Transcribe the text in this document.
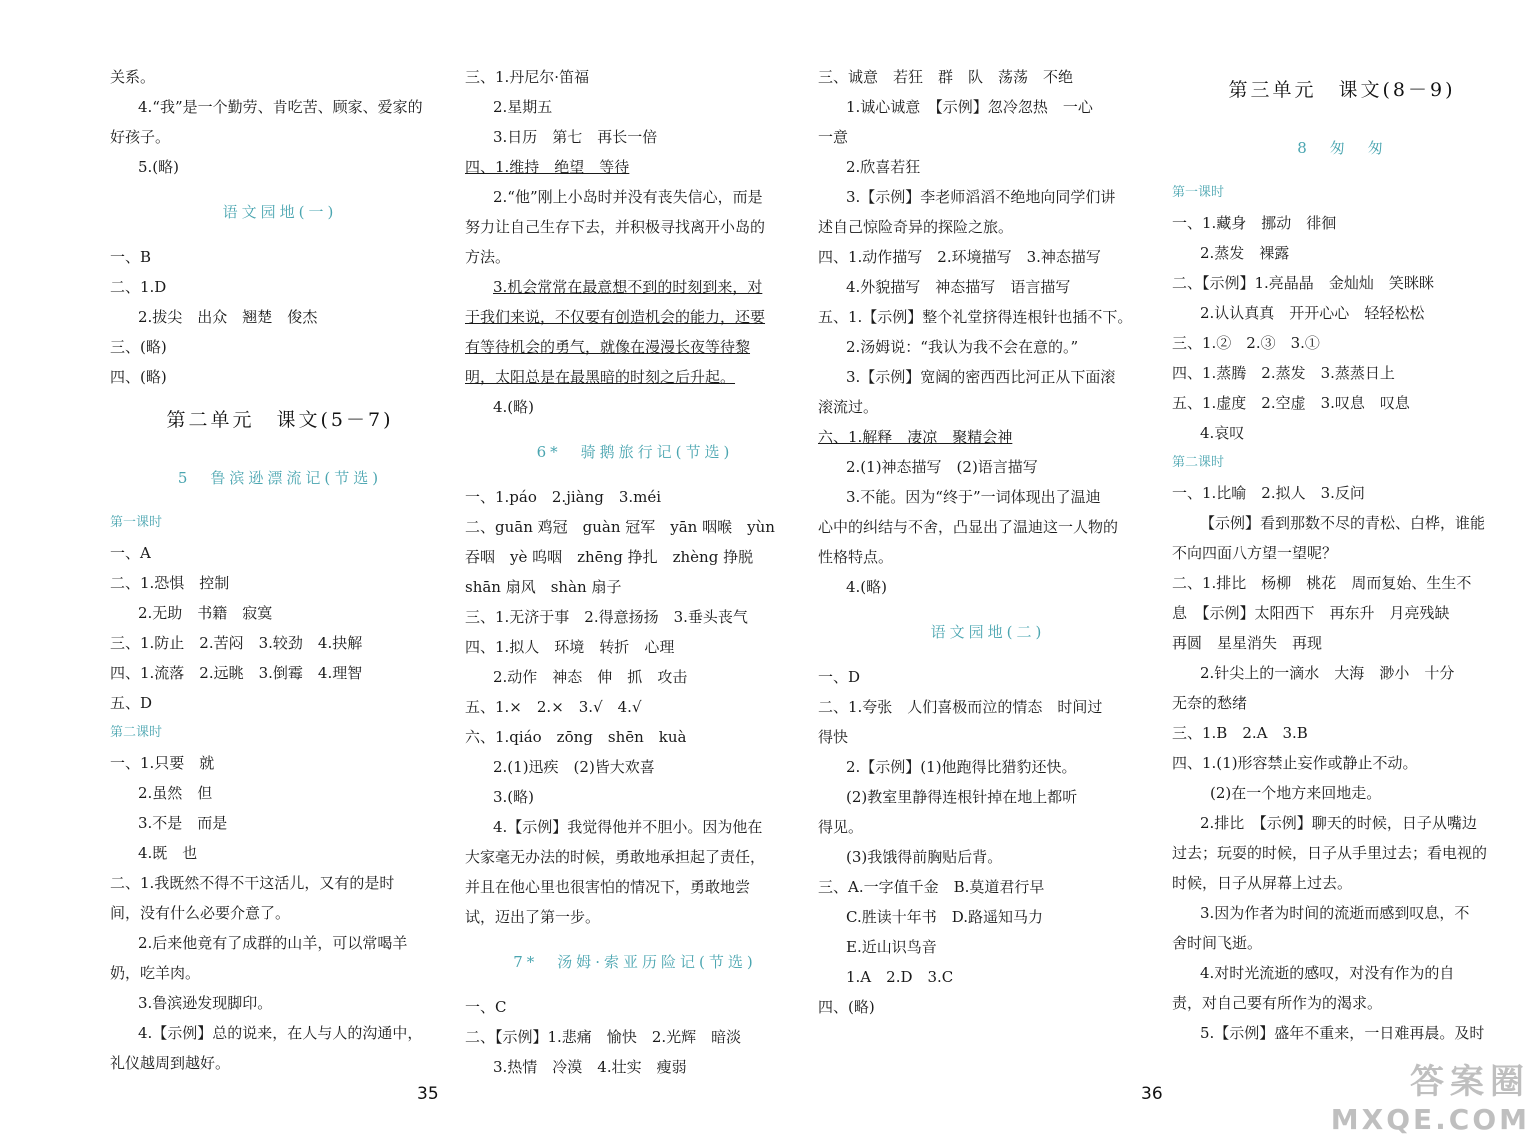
关系。
4.“我”是一个勤劳、肯吃苦、顾家、爱家的
好孩子。
5.(略)
语文园地(一)
一、B
二、1.D
2.拔尖　出众　翘楚　俊杰
三、(略)
四、(略)
第二单元　课文(5－7)
5　鲁滨逊漂流记(节选)
第一课时
一、A
二、1.恐惧　控制
2.无助　书籍　寂寞
三、1.防止　2.苦闷　3.较劲　4.抉解
四、1.流落　2.远眺　3.倒霉　4.理智
五、D
第二课时
一、1.只要　就
2.虽然　但
3.不是　而是
4.既　也
二、1.我既然不得不干这活儿，又有的是时
间，没有什么必要介意了。
2.后来他竟有了成群的山羊，可以常喝羊
奶，吃羊肉。
3.鲁滨逊发现脚印。
4.【示例】总的说来，在人与人的沟通中，
礼仪越周到越好。
三、1.丹尼尔·笛福
2.星期五
3.日历　第七　再长一倍
四、1.维持　绝望　等待
2.“他”刚上小岛时并没有丧失信心，而是
努力让自己生存下去，并积极寻找离开小岛的
方法。
3.机会常常在最意想不到的时刻到来，对
于我们来说，不仅要有创造机会的能力，还要
有等待机会的勇气，就像在漫漫长夜等待黎
明，太阳总是在最黑暗的时刻之后升起。
4.(略)
6*　骑鹅旅行记(节选)
一、1.páo　2.jiàng　3.méi
二、guān 鸡冠　guàn 冠军　yān 咽喉　yùn
吞咽　yè 呜咽　zhēng 挣扎　zhèng 挣脱
shān 扇风　shàn 扇子
三、1.无济于事　2.得意扬扬　3.垂头丧气
四、1.拟人　环境　转折　心理
2.动作　神态　伸　抓　攻击
五、1.×　2.×　3.√　4.√
六、1.qiáo　zōng　shēn　kuà
2.(1)迅疾　(2)皆大欢喜
3.(略)
4.【示例】我觉得他并不胆小。因为他在
大家毫无办法的时候，勇敢地承担起了责任，
并且在他心里也很害怕的情况下，勇敢地尝
试，迈出了第一步。
7*　汤姆·索亚历险记(节选)
一、C
二、【示例】1.悲痛　愉快　2.光辉　暗淡
3.热情　冷漠　4.壮实　瘦弱
三、诚意　若狂　群　队　荡荡　不绝
1.诚心诚意　【示例】忽冷忽热　一心
一意
2.欣喜若狂
3.【示例】李老师滔滔不绝地向同学们讲
述自己惊险奇异的探险之旅。
四、1.动作描写　2.环境描写　3.神态描写
4.外貌描写　神态描写　语言描写
五、1.【示例】整个礼堂挤得连根针也插不下。
2.汤姆说：“我认为我不会在意的。”
3.【示例】宽阔的密西西比河正从下面滚
滚流过。
六、1.解释　凄凉　聚精会神
2.(1)神态描写　(2)语言描写
3.不能。因为“终于”一词体现出了温迪
心中的纠结与不舍，凸显出了温迪这一人物的
性格特点。
4.(略)
语文园地(二)
一、D
二、1.夸张　人们喜极而泣的情态　时间过
得快
2.【示例】(1)他跑得比猎豹还快。
(2)教室里静得连根针掉在地上都听
得见。
(3)我饿得前胸贴后背。
三、A.一字值千金　B.莫道君行早
C.胜读十年书　D.路遥知马力
E.近山识鸟音
1.A　2.D　3.C
四、(略)
第三单元　课文(8－9)
8　匆　匆
第一课时
一、1.藏身　挪动　徘徊
2.蒸发　裸露
二、【示例】1.亮晶晶　金灿灿　笑眯眯
2.认认真真　开开心心　轻轻松松
三、1.②　2.③　3.①
四、1.蒸腾　2.蒸发　3.蒸蒸日上
五、1.虚度　2.空虚　3.叹息　叹息
4.哀叹
第二课时
一、1.比喻　2.拟人　3.反问
【示例】看到那数不尽的青松、白桦，谁能
不向四面八方望一望呢？
二、1.排比　杨柳　桃花　周而复始、生生不
息　【示例】太阳西下　再东升　月亮残缺
再圆　星星消失　再现
2.针尖上的一滴水　大海　渺小　十分
无奈的愁绪
三、1.B　2.A　3.B
四、1.(1)形容禁止妄作或静止不动。
(2)在一个地方来回地走。
2.排比　【示例】聊天的时候，日子从嘴边
过去；玩耍的时候，日子从手里过去；看电视的
时候，日子从屏幕上过去。
3.因为作者为时间的流逝而感到叹息，不
舍时间飞逝。
4.对时光流逝的感叹，对没有作为的自
责，对自己要有所作为的渴求。
5.【示例】盛年不重来，一日难再晨。及时
35	36	答案圈
MXQE.COM
